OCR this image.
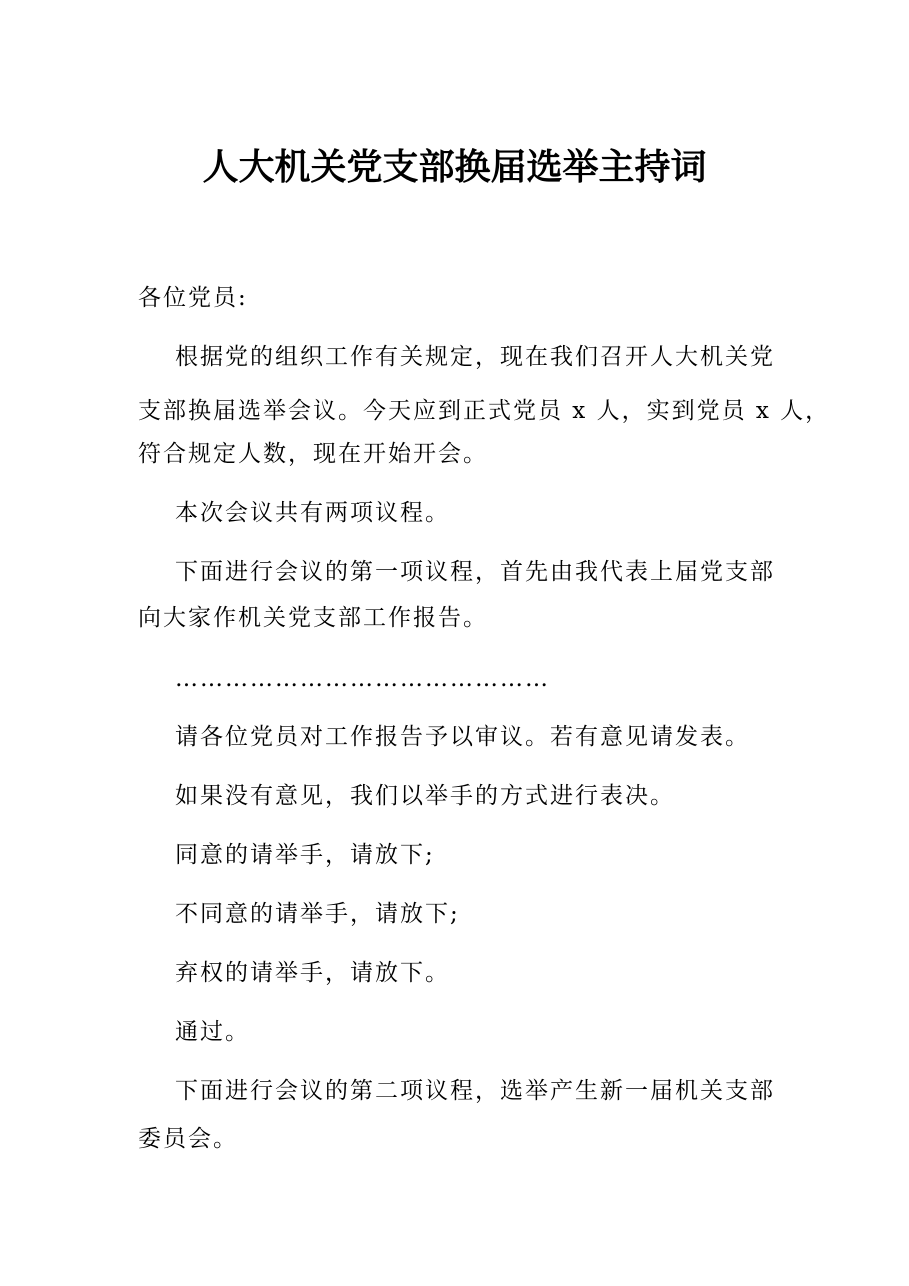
人大机关党支部换届选举主持词
各位党员:
根据党的组织工作有关规定，现在我们召开人大机关党
支部换届选举会议。今天应到正式党员 x 人，实到党员 x 人，
符合规定人数，现在开始开会。
本次会议共有两项议程。
下面进行会议的第一项议程，首先由我代表上届党支部
向大家作机关党支部工作报告。
………………………………………
请各位党员对工作报告予以审议。若有意见请发表。
如果没有意见，我们以举手的方式进行表决。
同意的请举手，请放下;
不同意的请举手，请放下;
弃权的请举手，请放下。
通过。
下面进行会议的第二项议程，选举产生新一届机关支部
委员会。
